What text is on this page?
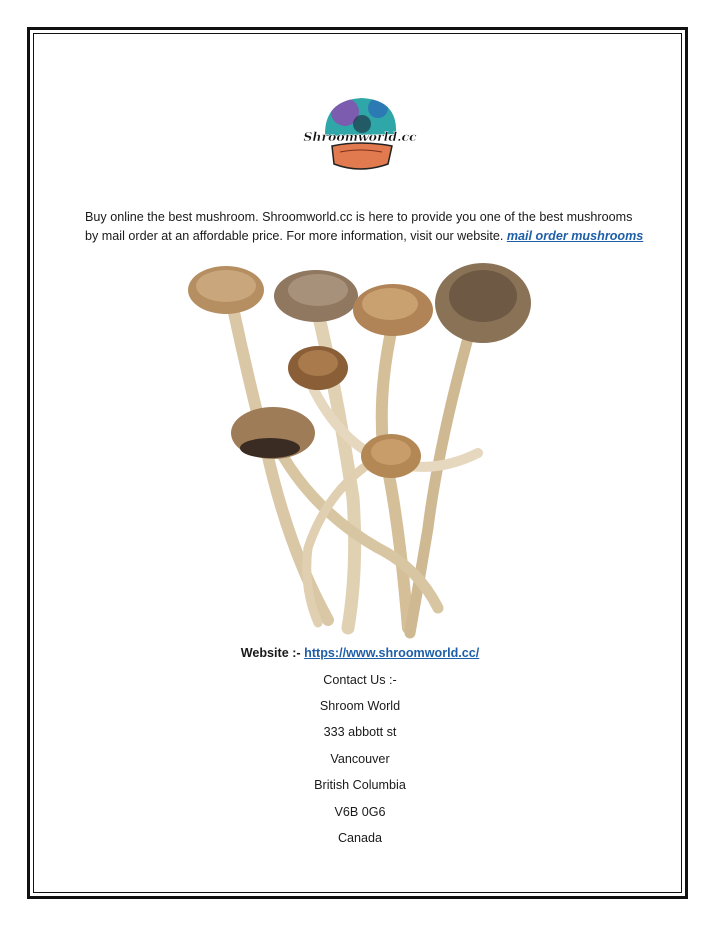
Shroomworld.cc

Buy online the best mushroom. Shroomworld.cc is here to provide you one of the best mushrooms by mail order at an affordable price. For more information, visit our website. mail order mushrooms

Website :- https://www.shroomworld.cc/
Contact Us :-
Shroom World
333 abbott st
Vancouver
British Columbia
V6B 0G6
Canada
